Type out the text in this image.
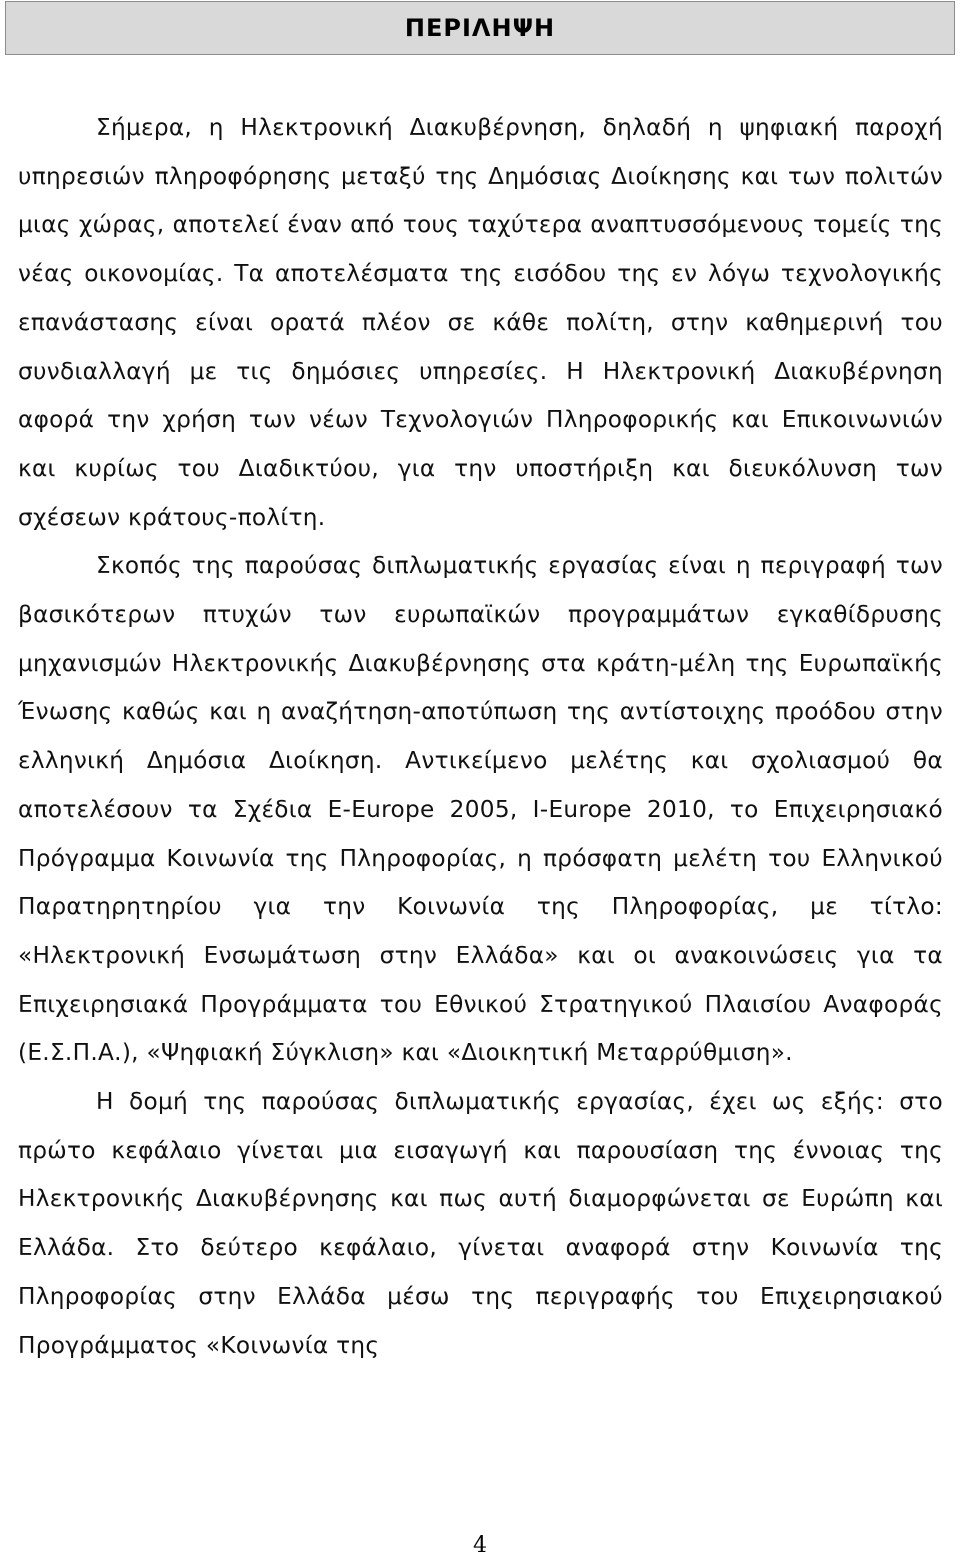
ΠΕΡΙΛΗΨΗ

Σήμερα, η Ηλεκτρονική Διακυβέρνηση, δηλαδή η ψηφιακή παροχή υπηρεσιών πληροφόρησης μεταξύ της Δημόσιας Διοίκησης και των πολιτών μιας χώρας, αποτελεί έναν από τους ταχύτερα αναπτυσσόμενους τομείς της νέας οικονομίας. Τα αποτελέσματα της εισόδου της εν λόγω τεχνολογικής επανάστασης είναι ορατά πλέον σε κάθε πολίτη, στην καθημερινή του συνδιαλλαγή με τις δημόσιες υπηρεσίες. Η Ηλεκτρονική Διακυβέρνηση αφορά την χρήση των νέων Τεχνολογιών Πληροφορικής και Επικοινωνιών και κυρίως του Διαδικτύου, για την υποστήριξη και διευκόλυνση των σχέσεων κράτους-πολίτη.

Σκοπός της παρούσας διπλωματικής εργασίας είναι η περιγραφή των βασικότερων πτυχών των ευρωπαϊκών προγραμμάτων εγκαθίδρυσης μηχανισμών Ηλεκτρονικής Διακυβέρνησης στα κράτη-μέλη της Ευρωπαϊκής Ένωσης καθώς και η αναζήτηση-αποτύπωση της αντίστοιχης προόδου στην ελληνική Δημόσια Διοίκηση. Αντικείμενο μελέτης και σχολιασμού θα αποτελέσουν τα Σχέδια E-Europe 2005, I-Europe 2010, το Επιχειρησιακό Πρόγραμμα Κοινωνία της Πληροφορίας, η πρόσφατη μελέτη του Ελληνικού Παρατηρητηρίου για την Κοινωνία της Πληροφορίας, με τίτλο: «Ηλεκτρονική Ενσωμάτωση στην Ελλάδα» και οι ανακοινώσεις για τα Επιχειρησιακά Προγράμματα του Εθνικού Στρατηγικού Πλαισίου Αναφοράς (Ε.Σ.Π.Α.), «Ψηφιακή Σύγκλιση» και «Διοικητική Μεταρρύθμιση».

Η δομή της παρούσας διπλωματικής εργασίας, έχει ως εξής: στο πρώτο κεφάλαιο γίνεται μια εισαγωγή και παρουσίαση της έννοιας της Ηλεκτρονικής Διακυβέρνησης και πως αυτή διαμορφώνεται σε Ευρώπη και Ελλάδα. Στο δεύτερο κεφάλαιο, γίνεται αναφορά στην Κοινωνία της Πληροφορίας στην Ελλάδα μέσω της περιγραφής του Επιχειρησιακού Προγράμματος «Κοινωνία της

4
